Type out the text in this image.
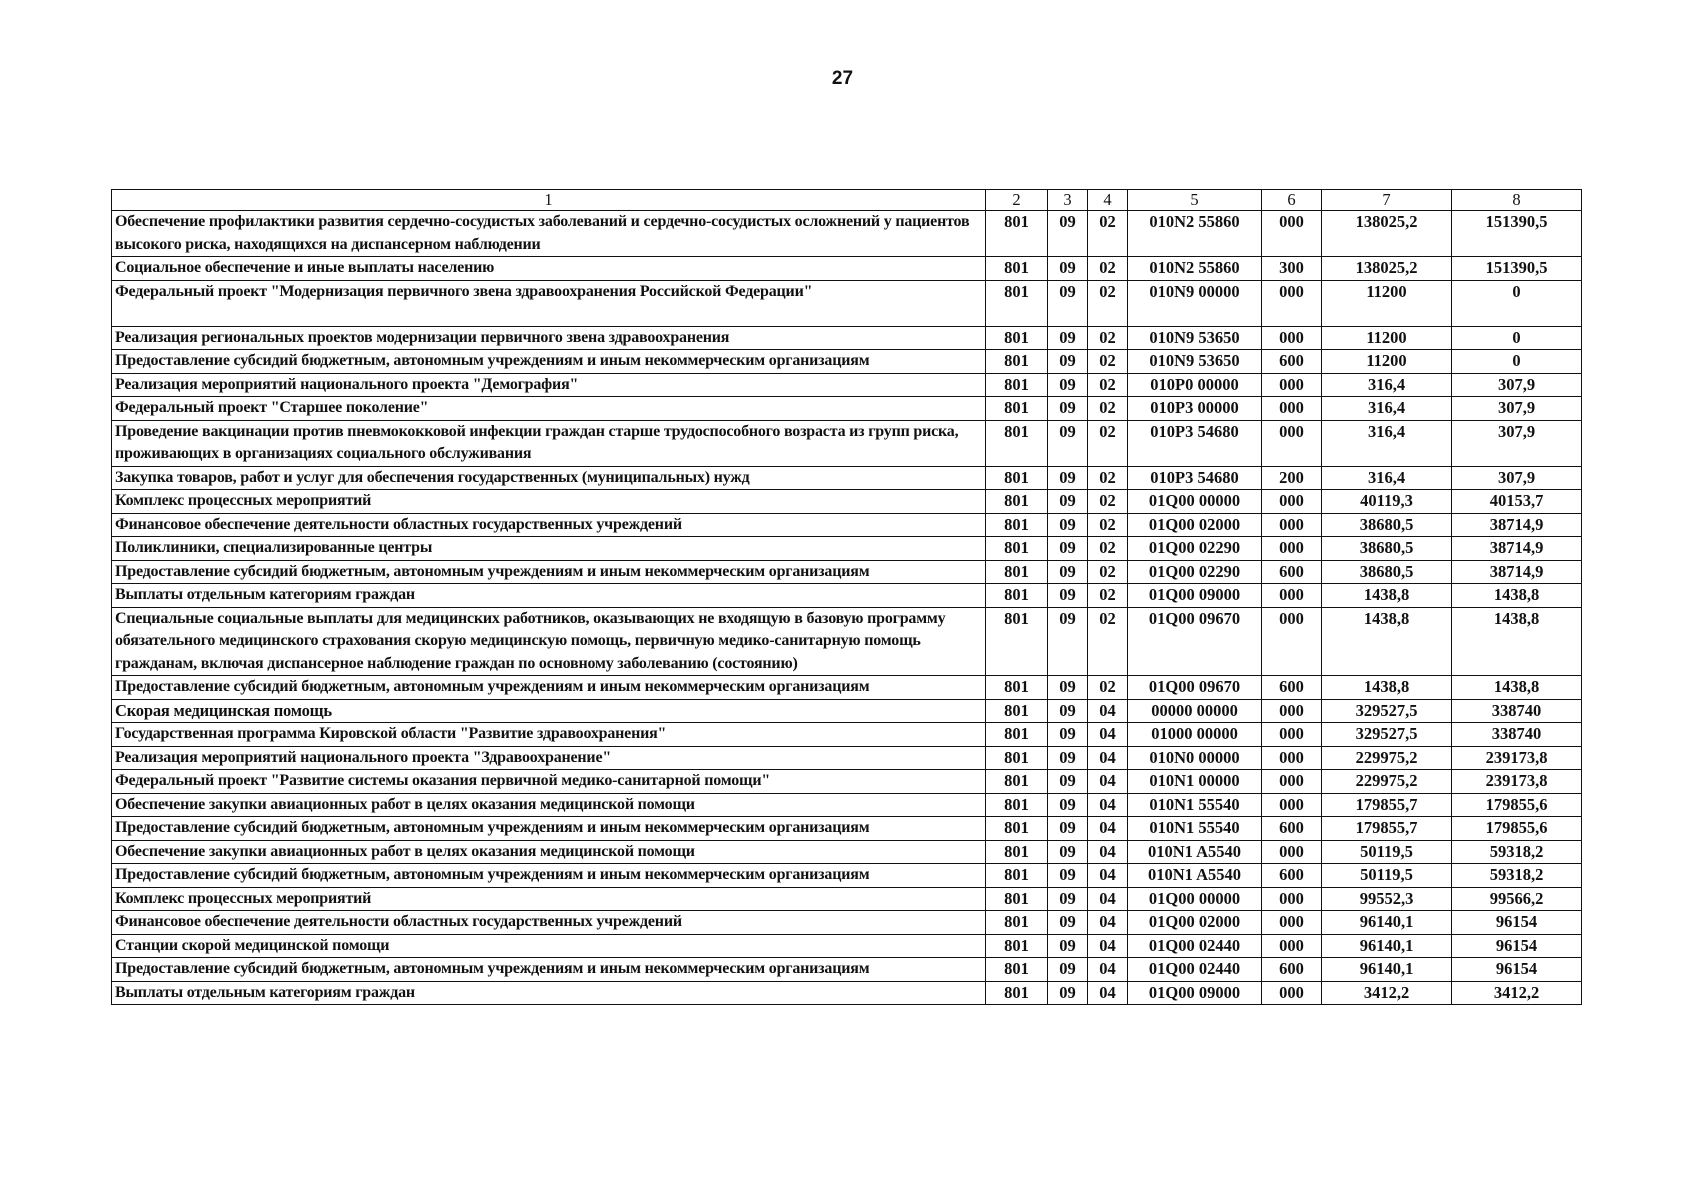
27
1	2	3	4	5	6	7	8
Обеспечение профилактики развития сердечно-сосудистых заболеваний и сердечно-сосудистых осложнений у пациентов высокого риска, находящихся на диспансерном наблюдении	801	09	02	010N2 55860	000	138025,2	151390,5
Социальное обеспечение и иные выплаты населению	801	09	02	010N2 55860	300	138025,2	151390,5
Федеральный проект "Модернизация первичного звена здравоохранения Российской Федерации"	801	09	02	010N9 00000	000	11200	0
Реализация региональных проектов модернизации первичного звена здравоохранения	801	09	02	010N9 53650	000	11200	0
Предоставление субсидий бюджетным, автономным учреждениям и иным некоммерческим организациям	801	09	02	010N9 53650	600	11200	0
Реализация мероприятий национального проекта "Демография"	801	09	02	010P0 00000	000	316,4	307,9
Федеральный проект "Старшее поколение"	801	09	02	010P3 00000	000	316,4	307,9
Проведение вакцинации против пневмококковой инфекции граждан старше трудоспособного возраста из групп риска, проживающих в организациях социального обслуживания	801	09	02	010P3 54680	000	316,4	307,9
Закупка товаров, работ и услуг для обеспечения государственных (муниципальных) нужд	801	09	02	010P3 54680	200	316,4	307,9
Комплекс процессных мероприятий	801	09	02	01Q00 00000	000	40119,3	40153,7
Финансовое обеспечение деятельности областных государственных учреждений	801	09	02	01Q00 02000	000	38680,5	38714,9
Поликлиники, специализированные центры	801	09	02	01Q00 02290	000	38680,5	38714,9
Предоставление субсидий бюджетным, автономным учреждениям и иным некоммерческим организациям	801	09	02	01Q00 02290	600	38680,5	38714,9
Выплаты отдельным категориям граждан	801	09	02	01Q00 09000	000	1438,8	1438,8
Специальные социальные выплаты для медицинских работников, оказывающих не входящую в базовую программу обязательного медицинского страхования скорую медицинскую помощь, первичную медико-санитарную помощь гражданам, включая диспансерное наблюдение граждан по основному заболеванию (состоянию)	801	09	02	01Q00 09670	000	1438,8	1438,8
Предоставление субсидий бюджетным, автономным учреждениям и иным некоммерческим организациям	801	09	02	01Q00 09670	600	1438,8	1438,8
Скорая медицинская помощь	801	09	04	00000 00000	000	329527,5	338740
Государственная программа Кировской области "Развитие здравоохранения"	801	09	04	01000 00000	000	329527,5	338740
Реализация мероприятий национального проекта "Здравоохранение"	801	09	04	010N0 00000	000	229975,2	239173,8
Федеральный проект "Развитие системы оказания первичной медико-санитарной помощи"	801	09	04	010N1 00000	000	229975,2	239173,8
Обеспечение закупки авиационных работ в целях оказания медицинской помощи	801	09	04	010N1 55540	000	179855,7	179855,6
Предоставление субсидий бюджетным, автономным учреждениям и иным некоммерческим организациям	801	09	04	010N1 55540	600	179855,7	179855,6
Обеспечение закупки авиационных работ в целях оказания медицинской помощи	801	09	04	010N1 A5540	000	50119,5	59318,2
Предоставление субсидий бюджетным, автономным учреждениям и иным некоммерческим организациям	801	09	04	010N1 A5540	600	50119,5	59318,2
Комплекс процессных мероприятий	801	09	04	01Q00 00000	000	99552,3	99566,2
Финансовое обеспечение деятельности областных государственных учреждений	801	09	04	01Q00 02000	000	96140,1	96154
Станции скорой медицинской помощи	801	09	04	01Q00 02440	000	96140,1	96154
Предоставление субсидий бюджетным, автономным учреждениям и иным некоммерческим организациям	801	09	04	01Q00 02440	600	96140,1	96154
Выплаты отдельным категориям граждан	801	09	04	01Q00 09000	000	3412,2	3412,2
